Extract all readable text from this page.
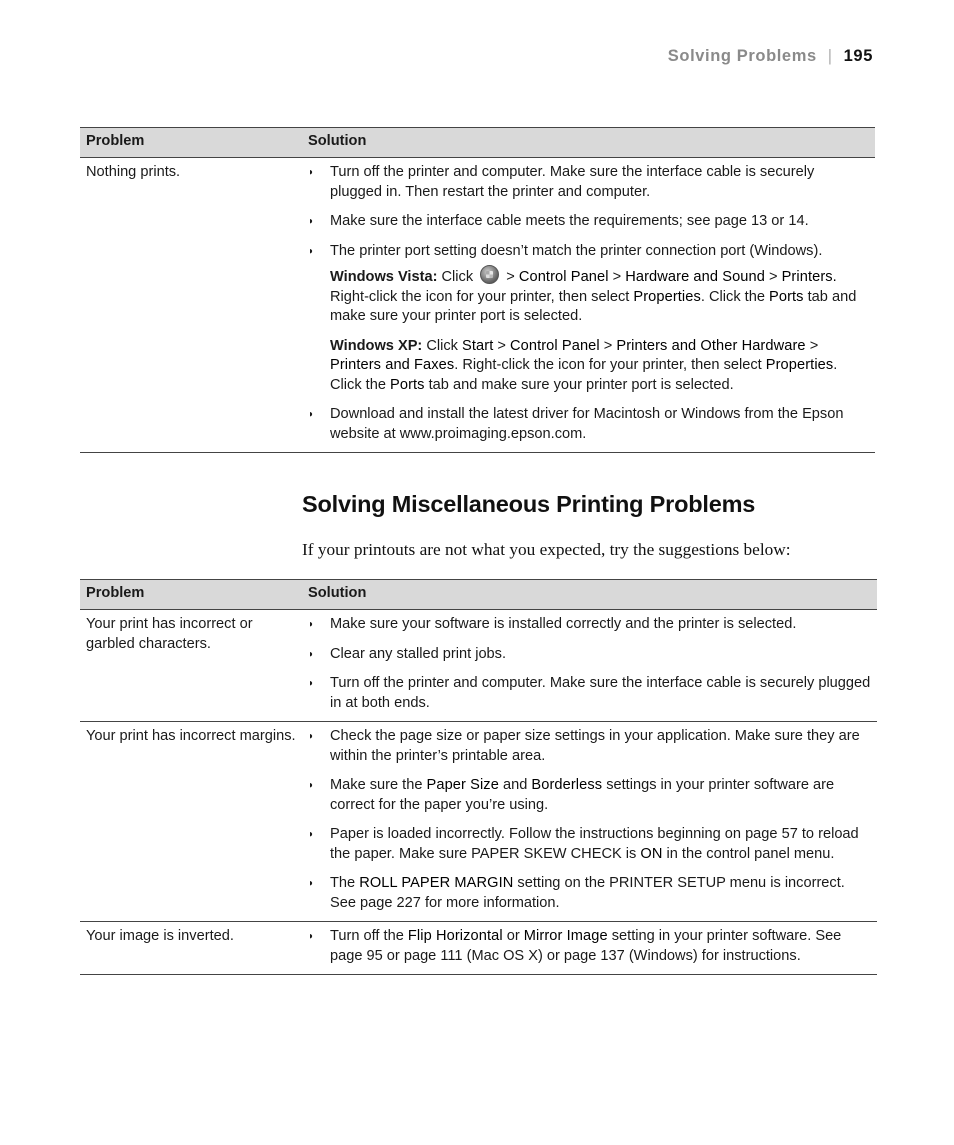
Solving Problems | 195
Problem	Solution
Nothing prints.	◗	Turn off the printer and computer. Make sure the interface cable is securely plugged in. Then restart the printer and computer.
◗	Make sure the interface cable meets the requirements; see page 13 or 14.
◗	The printer port setting doesn’t match the printer connection port (Windows).
Windows Vista: Click > Control Panel > Hardware and Sound > Printers. Right-click the icon for your printer, then select Properties. Click the Ports tab and make sure your printer port is selected.
Windows XP: Click Start > Control Panel > Printers and Other Hardware > Printers and Faxes. Right-click the icon for your printer, then select Properties. Click the Ports tab and make sure your printer port is selected.
◗	Download and install the latest driver for Macintosh or Windows from the Epson website at www.proimaging.epson.com.
Solving Miscellaneous Printing Problems

If your printouts are not what you expected, try the suggestions below:

Problem	Solution
Your print has incorrect or garbled characters.	
◗	Make sure your software is installed correctly and the printer is selected.
◗	Clear any stalled print jobs.
◗	Turn off the printer and computer. Make sure the interface cable is securely plugged in at both ends.

Your print has incorrect margins.	◗	Check the page size or paper size settings in your application. Make sure they are within the printer’s printable area.
◗	Make sure the Paper Size and Borderless settings in your printer software are correct for the paper you’re using.
◗	Paper is loaded incorrectly. Follow the instructions beginning on page 57 to reload the paper. Make sure PAPER SKEW CHECK is ON in the control panel menu.
◗	The ROLL PAPER MARGIN setting on the PRINTER SETUP menu is incorrect. See page 227 for more information.

Your image is inverted.	◗ Turn off the Flip Horizontal or Mirror Image setting in your printer software. See page 95 or page 111 (Mac OS X) or page 137 (Windows) for instructions.
